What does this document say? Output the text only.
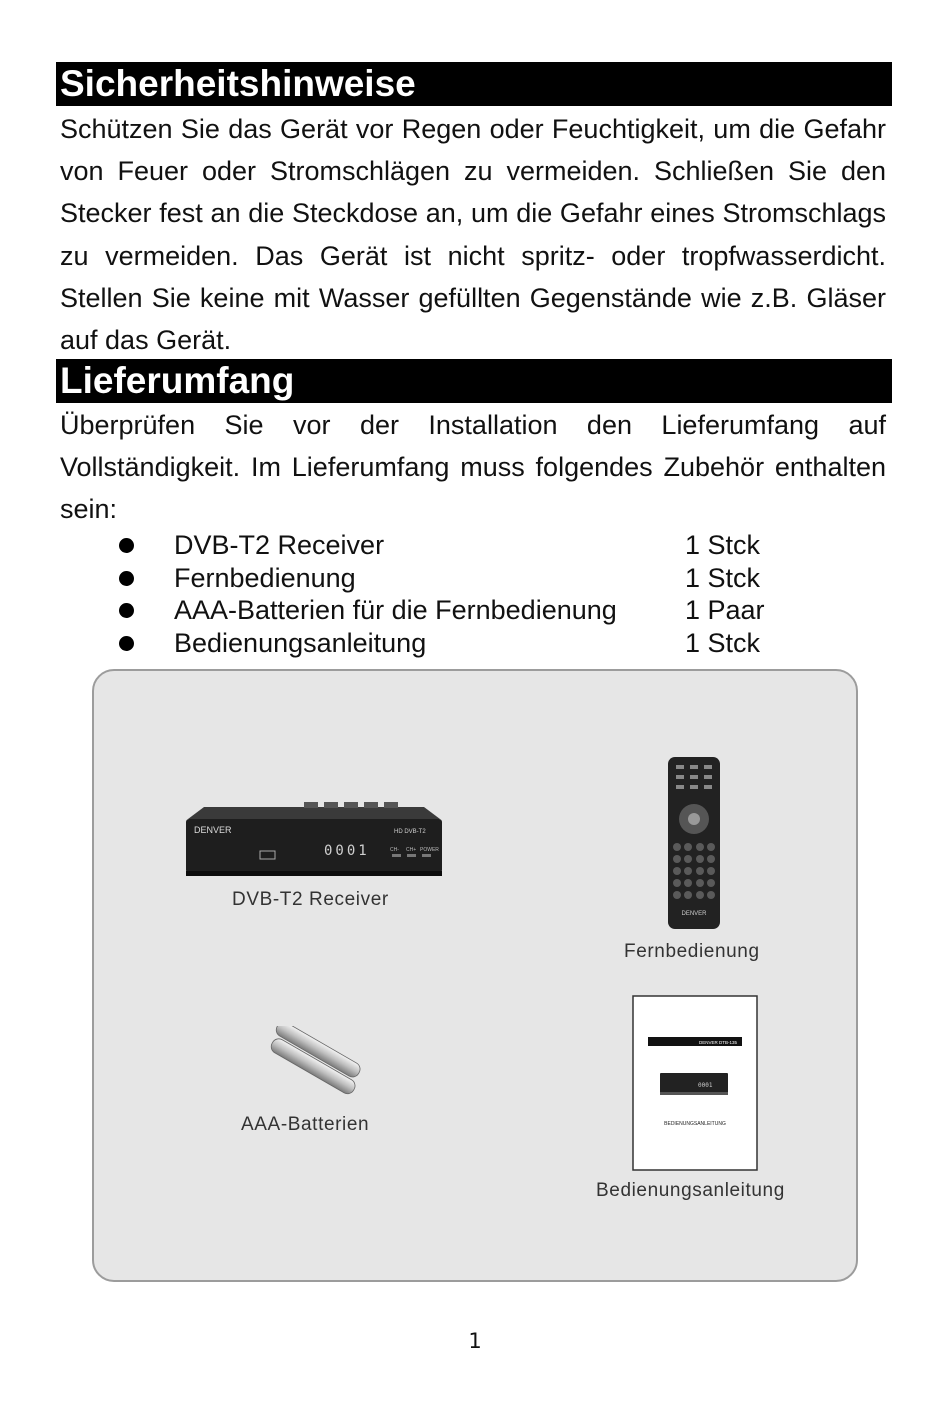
Sicherheitshinweise

Schützen Sie das Gerät vor Regen oder Feuchtigkeit, um die Gefahr von Feuer oder Stromschlägen zu vermeiden. Schließen Sie den Stecker fest an die Steckdose an, um die Gefahr eines Stromschlags zu vermeiden. Das Gerät ist nicht spritz- oder tropfwasserdicht. Stellen Sie keine mit Wasser gefüllten Gegenstände wie z.B. Gläser auf das Gerät.

Lieferumfang

Überprüfen Sie vor der Installation den Lieferumfang auf Vollständigkeit. Im Lieferumfang muss folgendes Zubehör enthalten sein:

DVB-T2 Receiver	1 Stck
Fernbedienung	1 Stck
AAA-Batterien für die Fernbedienung	1 Paar
Bedienungsanleitung	1 Stck
DENVER	HD DVB-T2
0001	CH- CH+ POWER
DVB-T2 Receiver
DENVER
Fernbedienung
AAA-Batterien
DENVER DTB-135
0001
BEDIENUNGSANLEITUNG
Bedienungsanleitung
1
